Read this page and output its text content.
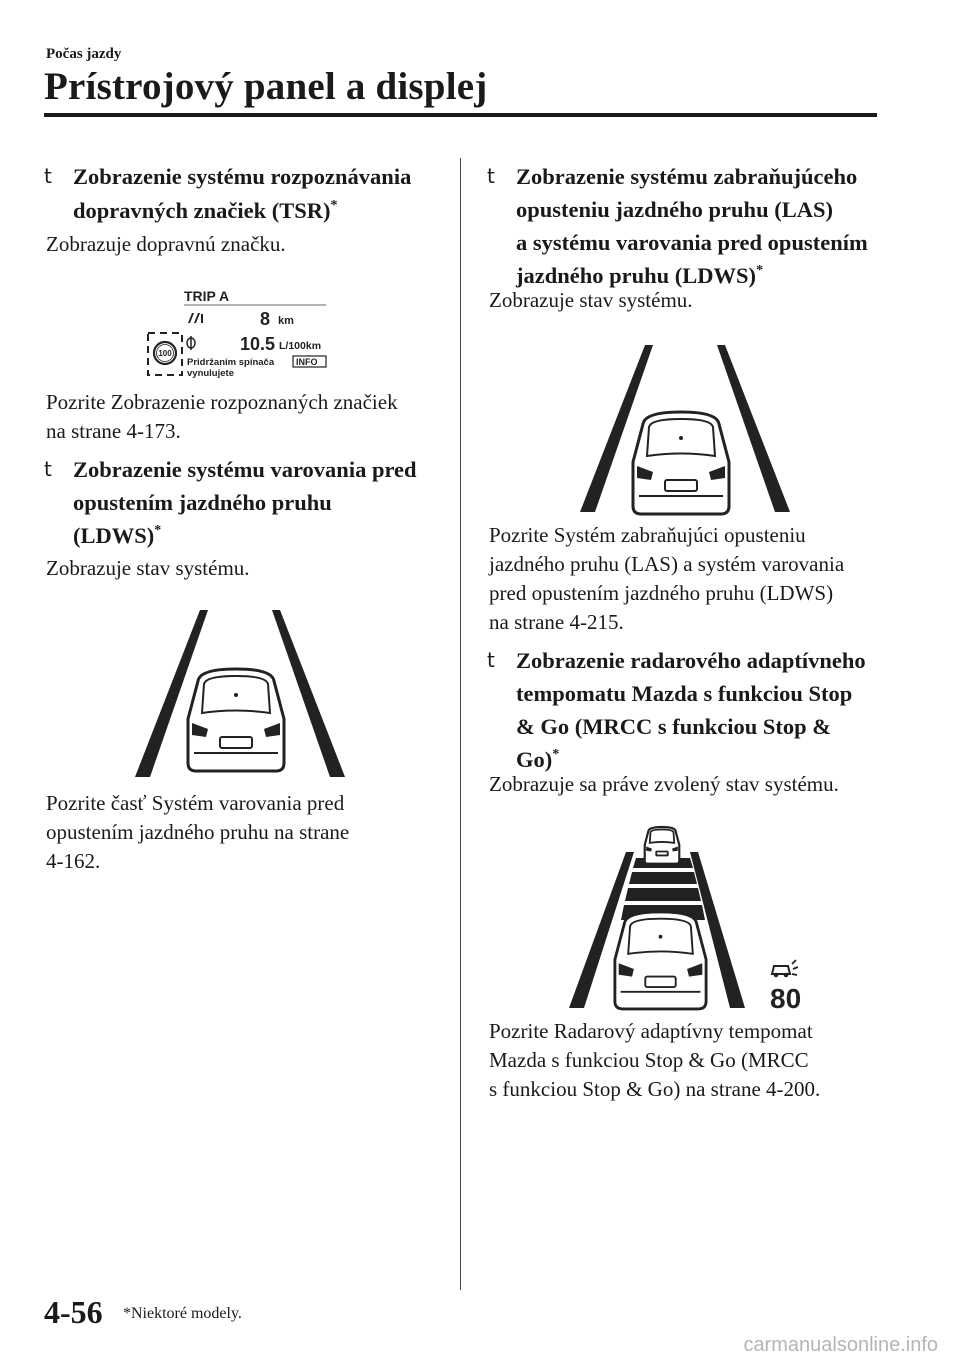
Počas jazdy
Prístrojový panel a displej
t Zobrazenie systému rozpoznávania
dopravných značiek (TSR)*
Zobrazuje dopravnú značku.
TRIP A
8 km
10.5 L/100km
Pridržaním spínača INFO
vynulujete
100
Pozrite Zobrazenie rozpoznaných značiek
na strane 4-173.
t Zobrazenie systému varovania pred
opustením jazdného pruhu
(LDWS)*
Zobrazuje stav systému.
Pozrite časť Systém varovania pred
opustením jazdného pruhu na strane
4-162.
t Zobrazenie systému zabraňujúceho
opusteniu jazdného pruhu (LAS)
a systému varovania pred opustením
jazdného pruhu (LDWS)*
Zobrazuje stav systému.
Pozrite Systém zabraňujúci opusteniu
jazdného pruhu (LAS) a systém varovania
pred opustením jazdného pruhu (LDWS)
na strane 4-215.
t Zobrazenie radarového adaptívneho
tempomatu Mazda s funkciou Stop
& Go (MRCC s funkciou Stop &
Go)*
Zobrazuje sa práve zvolený stav systému.
80
Pozrite Radarový adaptívny tempomat
Mazda s funkciou Stop & Go (MRCC
s funkciou Stop & Go) na strane 4-200.
4-56 *Niektoré modely.
carmanualsonline.info
